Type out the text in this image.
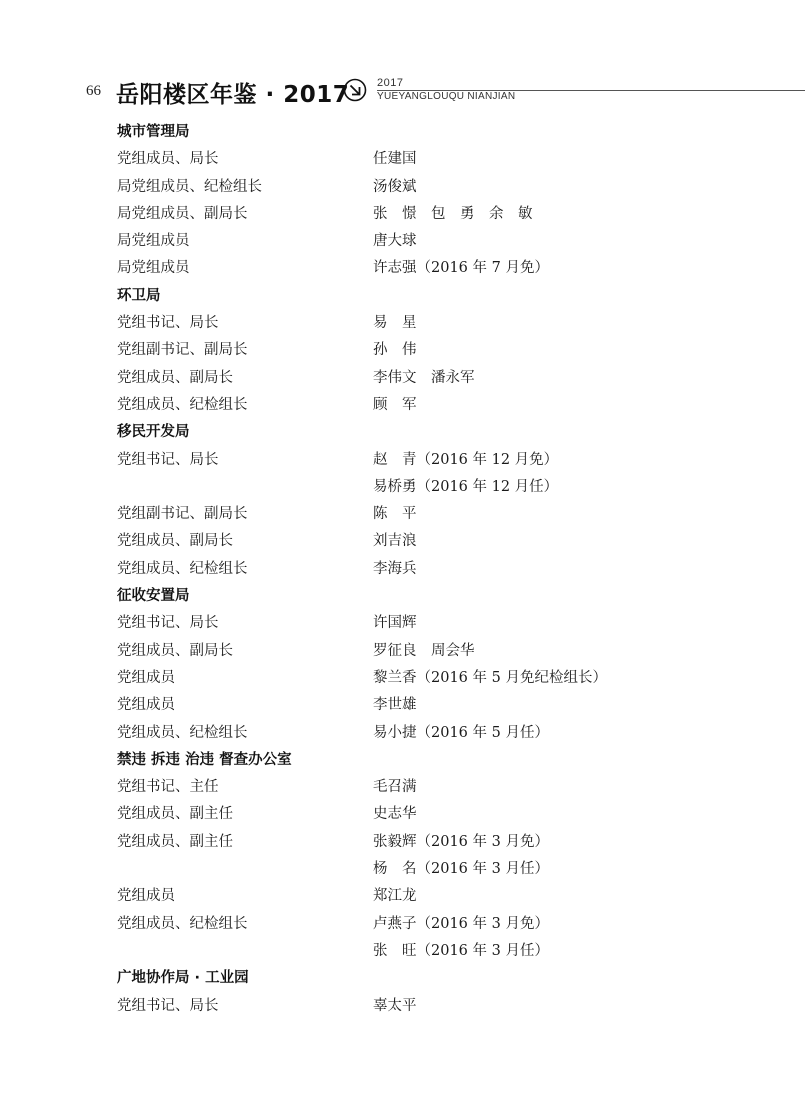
66 岳阳楼区年鉴 · 2017	2017
YUEYANGLOUQU NIANJIAN
城市管理局
党组成员、局长	任建国
局党组成员、纪检组长	汤俊斌
局党组成员、副局长	张　憬　包　勇　余　敏
局党组成员	唐大球
局党组成员	许志强（2016 年 7 月免）
环卫局
党组书记、局长	易　星
党组副书记、副局长	孙　伟
党组成员、副局长	李伟文　潘永军
党组成员、纪检组长	顾　军
移民开发局
党组书记、局长	赵　青（2016 年 12 月免）
易桥勇（2016 年 12 月任）
党组副书记、副局长	陈　平
党组成员、副局长	刘吉浪
党组成员、纪检组长	李海兵
征收安置局
党组书记、局长	许国辉
党组成员、副局长	罗征良　周会华
党组成员	黎兰香（2016 年 5 月免纪检组长）
党组成员	李世雄
党组成员、纪检组长	易小捷（2016 年 5 月任）
禁违 拆违 治违 督查办公室
党组书记、主任	毛召满
党组成员、副主任	史志华
党组成员、副主任	张毅辉（2016 年 3 月免）
杨　名（2016 年 3 月任）
党组成员	郑江龙
党组成员、纪检组长	卢燕子（2016 年 3 月免）
张　旺（2016 年 3 月任）
广地协作局 · 工业园
党组书记、局长	辜太平
